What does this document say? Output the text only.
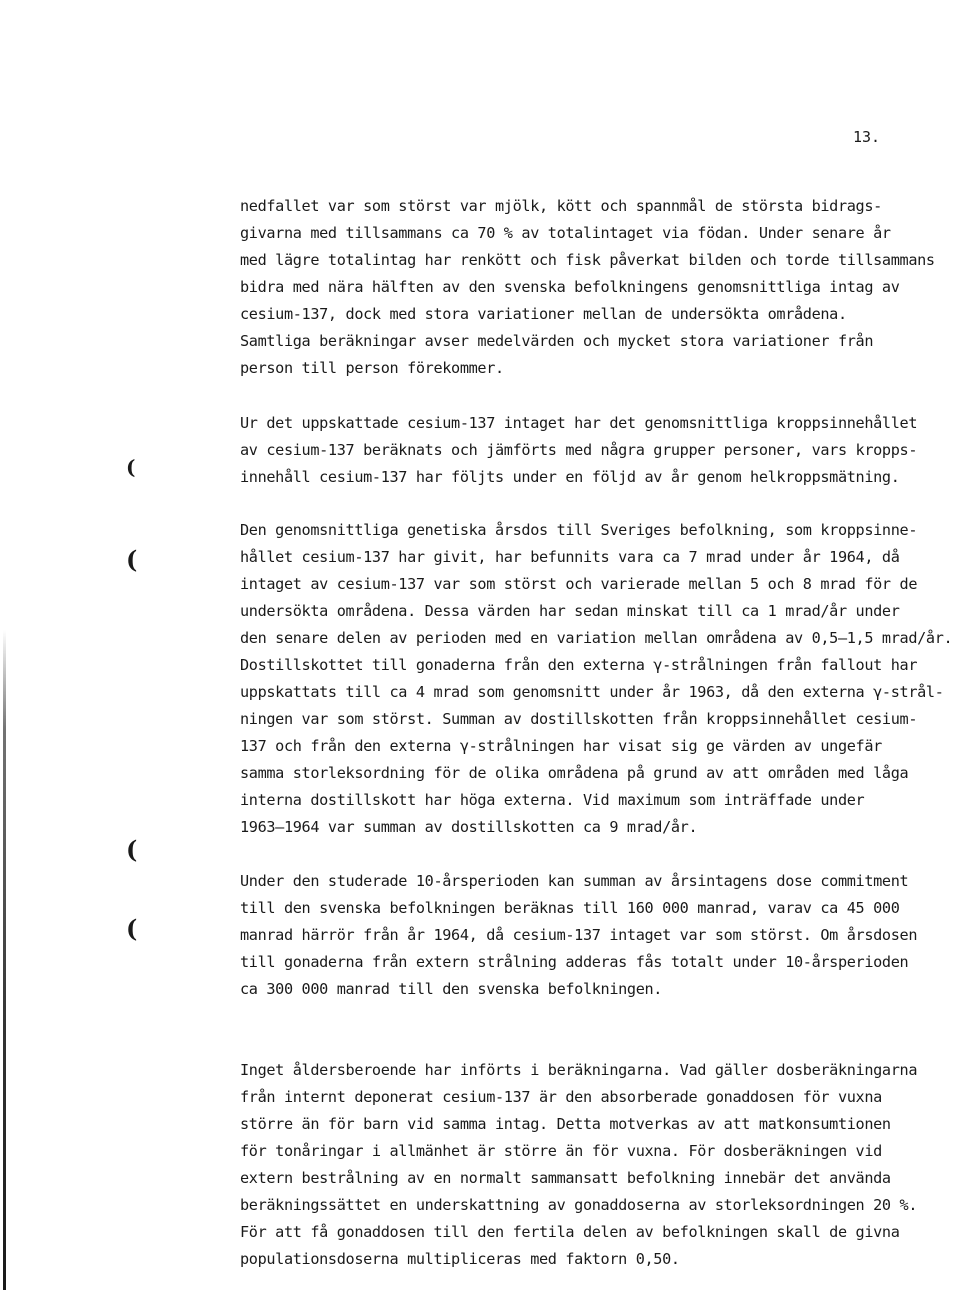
13.
(
(
(
(
nedfallet var som störst var mjölk, kött och spannmål de största bidrags-
givarna med tillsammans ca 70 % av totalintaget via födan. Under senare år
med lägre totalintag har renkött och fisk påverkat bilden och torde tillsammans
bidra med nära hälften av den svenska befolkningens genomsnittliga intag av
cesium-137, dock med stora variationer mellan de undersökta områdena.
Samtliga beräkningar avser medelvärden och mycket stora variationer från
person till person förekommer.
Ur det uppskattade cesium-137 intaget har det genomsnittliga kroppsinnehållet
av cesium-137 beräknats och jämförts med några grupper personer, vars kropps-
innehåll cesium-137 har följts under en följd av år genom helkroppsmätning.
Den genomsnittliga genetiska årsdos till Sveriges befolkning, som kroppsinne-
hållet cesium-137 har givit, har befunnits vara ca 7 mrad under år 1964, då
intaget av cesium-137 var som störst och varierade mellan 5 och 8 mrad för de
undersökta områdena. Dessa värden har sedan minskat till ca 1 mrad/år under
den senare delen av perioden med en variation mellan områdena av 0,5–1,5 mrad/år.
Dostillskottet till gonaderna från den externa γ-strålningen från fallout har
uppskattats till ca 4 mrad som genomsnitt under år 1963, då den externa γ-strål-
ningen var som störst. Summan av dostillskotten från kroppsinnehållet cesium-
137 och från den externa γ-strålningen har visat sig ge värden av ungefär
samma storleksordning för de olika områdena på grund av att områden med låga
interna dostillskott har höga externa. Vid maximum som inträffade under
1963–1964 var summan av dostillskotten ca 9 mrad/år.
Under den studerade 10-årsperioden kan summan av årsintagens dose commitment
till den svenska befolkningen beräknas till 160 000 manrad, varav ca 45 000
manrad härrör från år 1964, då cesium-137 intaget var som störst. Om årsdosen
till gonaderna från extern strålning adderas fås totalt under 10-årsperioden
ca 300 000 manrad till den svenska befolkningen.
Inget åldersberoende har införts i beräkningarna. Vad gäller dosberäkningarna
från internt deponerat cesium-137 är den absorberade gonaddosen för vuxna
större än för barn vid samma intag. Detta motverkas av att matkonsumtionen
för tonåringar i allmänhet är större än för vuxna. För dosberäkningen vid
extern bestrålning av en normalt sammansatt befolkning innebär det använda
beräkningssättet en underskattning av gonaddoserna av storleksordningen 20 %.
För att få gonaddosen till den fertila delen av befolkningen skall de givna
populationsdoserna multipliceras med faktorn 0,50.
